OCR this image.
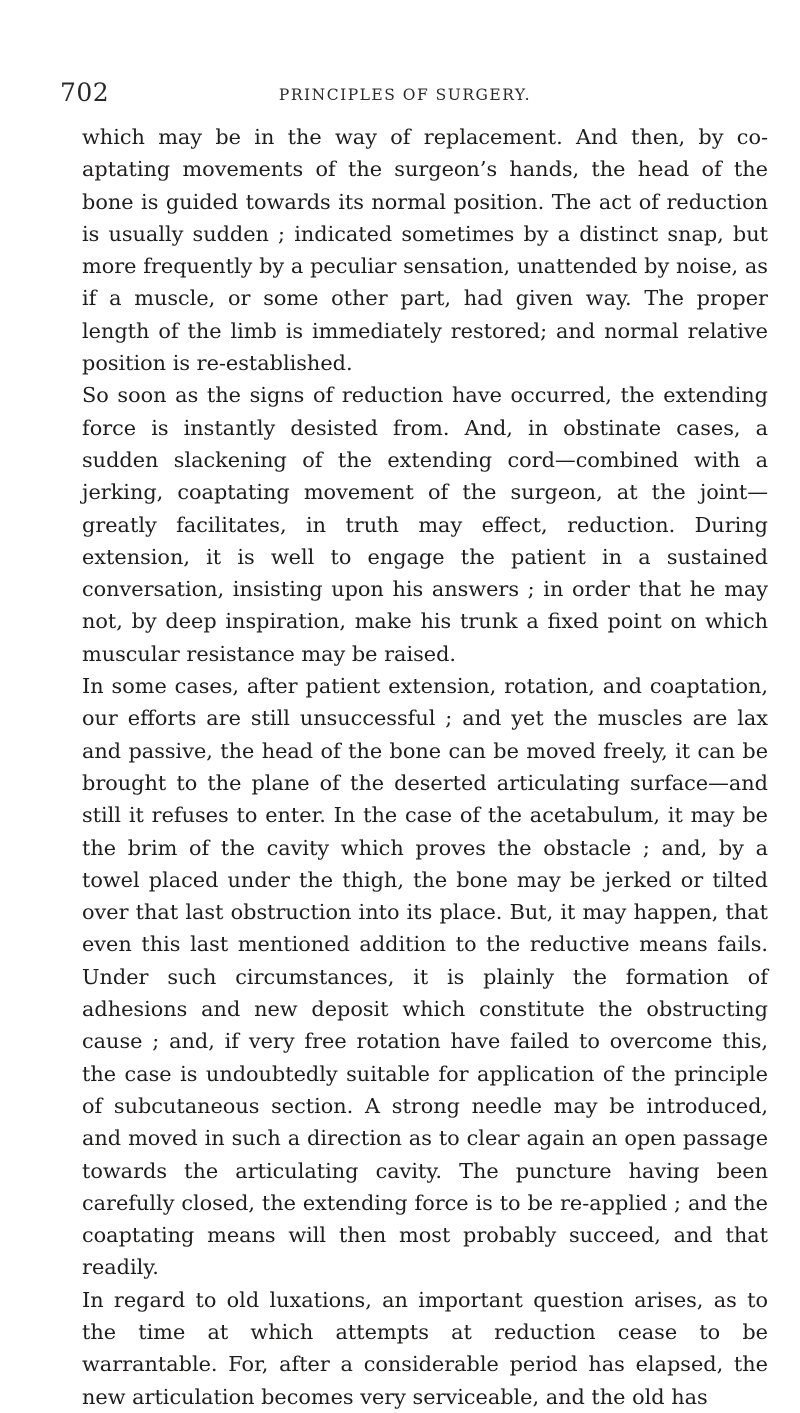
702	PRINCIPLES OF SURGERY.

which may be in the way of replacement. And then, by co-aptating movements of the surgeon’s hands, the head of the bone is guided towards its normal position. The act of reduction is usually sudden ; indicated sometimes by a distinct snap, but more frequently by a peculiar sensation, unattended by noise, as if a muscle, or some other part, had given way. The proper length of the limb is immediately restored; and normal relative position is re-established.

So soon as the signs of reduction have occurred, the extending force is instantly desisted from. And, in obstinate cases, a sudden slackening of the extending cord—combined with a jerking, coaptating movement of the surgeon, at the joint—greatly facilitates, in truth may effect, reduction. During extension, it is well to engage the patient in a sustained conversation, insisting upon his answers ; in order that he may not, by deep inspiration, make his trunk a fixed point on which muscular resistance may be raised.

In some cases, after patient extension, rotation, and coaptation, our efforts are still unsuccessful ; and yet the muscles are lax and passive, the head of the bone can be moved freely, it can be brought to the plane of the deserted articulating surface—and still it refuses to enter. In the case of the acetabulum, it may be the brim of the cavity which proves the obstacle ; and, by a towel placed under the thigh, the bone may be jerked or tilted over that last obstruction into its place. But, it may happen, that even this last mentioned addition to the reductive means fails. Under such circumstances, it is plainly the formation of adhesions and new deposit which constitute the obstructing cause ; and, if very free rotation have failed to overcome this, the case is undoubtedly suitable for application of the principle of subcutaneous section. A strong needle may be introduced, and moved in such a direction as to clear again an open passage towards the articulating cavity. The puncture having been carefully closed, the extending force is to be re-applied ; and the coaptating means will then most probably succeed, and that readily.

In regard to old luxations, an important question arises, as to the time at which attempts at reduction cease to be warrantable. For, after a considerable period has elapsed, the new articulation becomes very serviceable, and the old has
